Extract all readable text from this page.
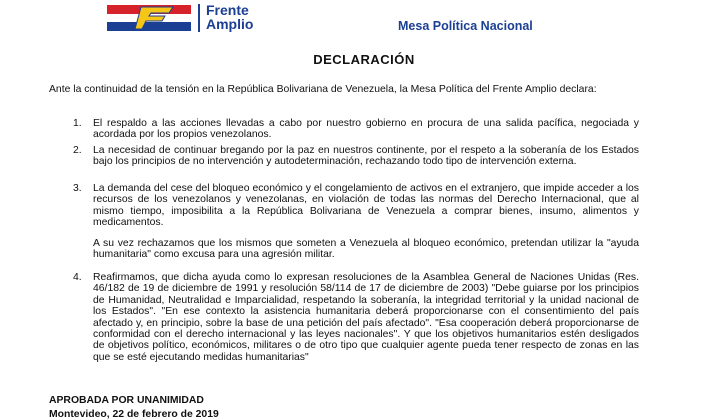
Frente
Amplio	Mesa Política Nacional
DECLARACIÓN
Ante la continuidad de la tensión en la República Bolivariana de Venezuela, la Mesa Política del Frente Amplio declara:
1. El respaldo a las acciones llevadas a cabo por nuestro gobierno en procura de una salida pacífica, negociada y acordada por los propios venezolanos.
2. La necesidad de continuar bregando por la paz en nuestros continente, por el respeto a la soberanía de los Estados bajo los principios de no intervención y autodeterminación, rechazando todo tipo de intervención externa.
3. La demanda del cese del bloqueo económico y el congelamiento de activos en el extranjero, que impide acceder a los recursos de los venezolanos y venezolanas, en violación de todas las normas del Derecho Internacional, que al mismo tiempo, imposibilita a la República Bolivariana de Venezuela a comprar bienes, insumo, alimentos y medicamentos.
A su vez rechazamos que los mismos que someten a Venezuela al bloqueo económico, pretendan utilizar la "ayuda humanitaria" como excusa para una agresión militar.
4. Reafirmamos, que dicha ayuda como lo expresan resoluciones de la Asamblea General de Naciones Unidas (Res. 46/182 de 19 de diciembre de 1991 y resolución 58/114 de 17 de diciembre de 2003) "Debe guiarse por los principios de Humanidad, Neutralidad e Imparcialidad, respetando la soberanía, la integridad territorial y la unidad nacional de los Estados". "En ese contexto la asistencia humanitaria deberá proporcionarse con el consentimiento del país afectado y, en principio, sobre la base de una petición del país afectado". "Esa cooperación deberá proporcionarse de conformidad con el derecho internacional y las leyes nacionales". Y que los objetivos humanitarios estén desligados de objetivos político, económicos, militares o de otro tipo que cualquier agente pueda tener respecto de zonas en las que se esté ejecutando medidas humanitarias"
APROBADA POR UNANIMIDAD
Montevideo, 22 de febrero de 2019
